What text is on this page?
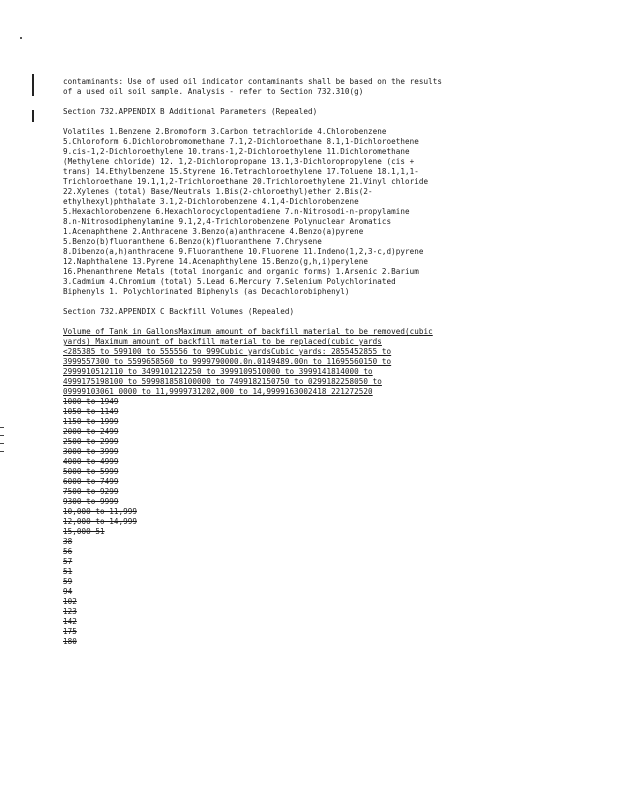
contaminants: Use of used oil indicator contaminants shall be based on the results
of a used oil soil sample. Analysis - refer to Section 732.310(g)
Section 732.APPENDIX B Additional Parameters (Repealed)
Volatiles 1.Benzene 2.Bromoform 3.Carbon tetrachloride 4.Chlorobenzene
5.Chloroform 6.Dichlorobromomethane 7.1,2-Dichloroethane 8.1,1-Dichloroethene
9.cis-1,2-Dichloroethylene 10.trans-1,2-Dichloroethylene 11.Dichloromethane
(Methylene chloride) 12. 1,2-Dichloropropane 13.1,3-Dichloropropylene (cis +
trans) 14.Ethylbenzene 15.Styrene 16.Tetrachloroethylene 17.Toluene 18.1,1,1-
Trichloroethane 19.1,1,2-Trichloroethane 20.Trichloroethylene 21.Vinyl chloride
22.Xylenes (total) Base/Neutrals 1.Bis(2-chloroethyl)ether 2.Bis(2-
ethylhexyl)phthalate 3.1,2-Dichlorobenzene 4.1,4-Dichlorobenzene
5.Hexachlorobenzene 6.Hexachlorocyclopentadiene 7.n-Nitrosodi-n-propylamine
8.n-Nitrosodiphenylamine 9.1,2,4-Trichlorobenzene Polynuclear Aromatics
1.Acenaphthene 2.Anthracene 3.Benzo(a)anthracene 4.Benzo(a)pyrene
5.Benzo(b)fluoranthene 6.Benzo(k)fluoranthene 7.Chrysene
8.Dibenzo(a,h)anthracene 9.Fluoranthene 10.Fluorene 11.Indeno(1,2,3-c,d)pyrene
12.Naphthalene 13.Pyrene 14.Acenaphthylene 15.Benzo(g,h,i)perylene
16.Phenanthrene Metals (total inorganic and organic forms) 1.Arsenic 2.Barium
3.Cadmium 4.Chromium (total) 5.Lead 6.Mercury 7.Selenium Polychlorinated
Biphenyls 1. Polychlorinated Biphenyls (as Decachlorobiphenyl)
Section 732.APPENDIX C Backfill Volumes (Repealed)
Volume of Tank in GallonsMaximum amount of backfill material to be removed(cubic
yards) Maximum amount of backfill material to be replaced(cubic yards
<285385 to 599100 to 555556 to 999Cubic yardsCubic yards: 2855452855 to
3999557300 to 5599658560 to 9999790000.0n.0149489.00n to 11695560150 to
2999910512110 to 3499101212250 to 3999109510000 to 3999141814000 to
4999175198100 to 599981858100000 to 7499182150750 to 0299182258050 to
09999103061 0000 to 11,9999731202,000 to 14,9999163002418 221272520
1000 to 1949
1050 to 1149
1150 to 1999
2000 to 2499
2500 to 2999
3000 to 3999
4000 to 4999
5000 to 5999
6000 to 7499
7500 to 9299
9300 to 9999
10,000 to 11,999
12,000 to 14,999
15,000 51
38
56
57
51
59
94
102
123
142
175
180
